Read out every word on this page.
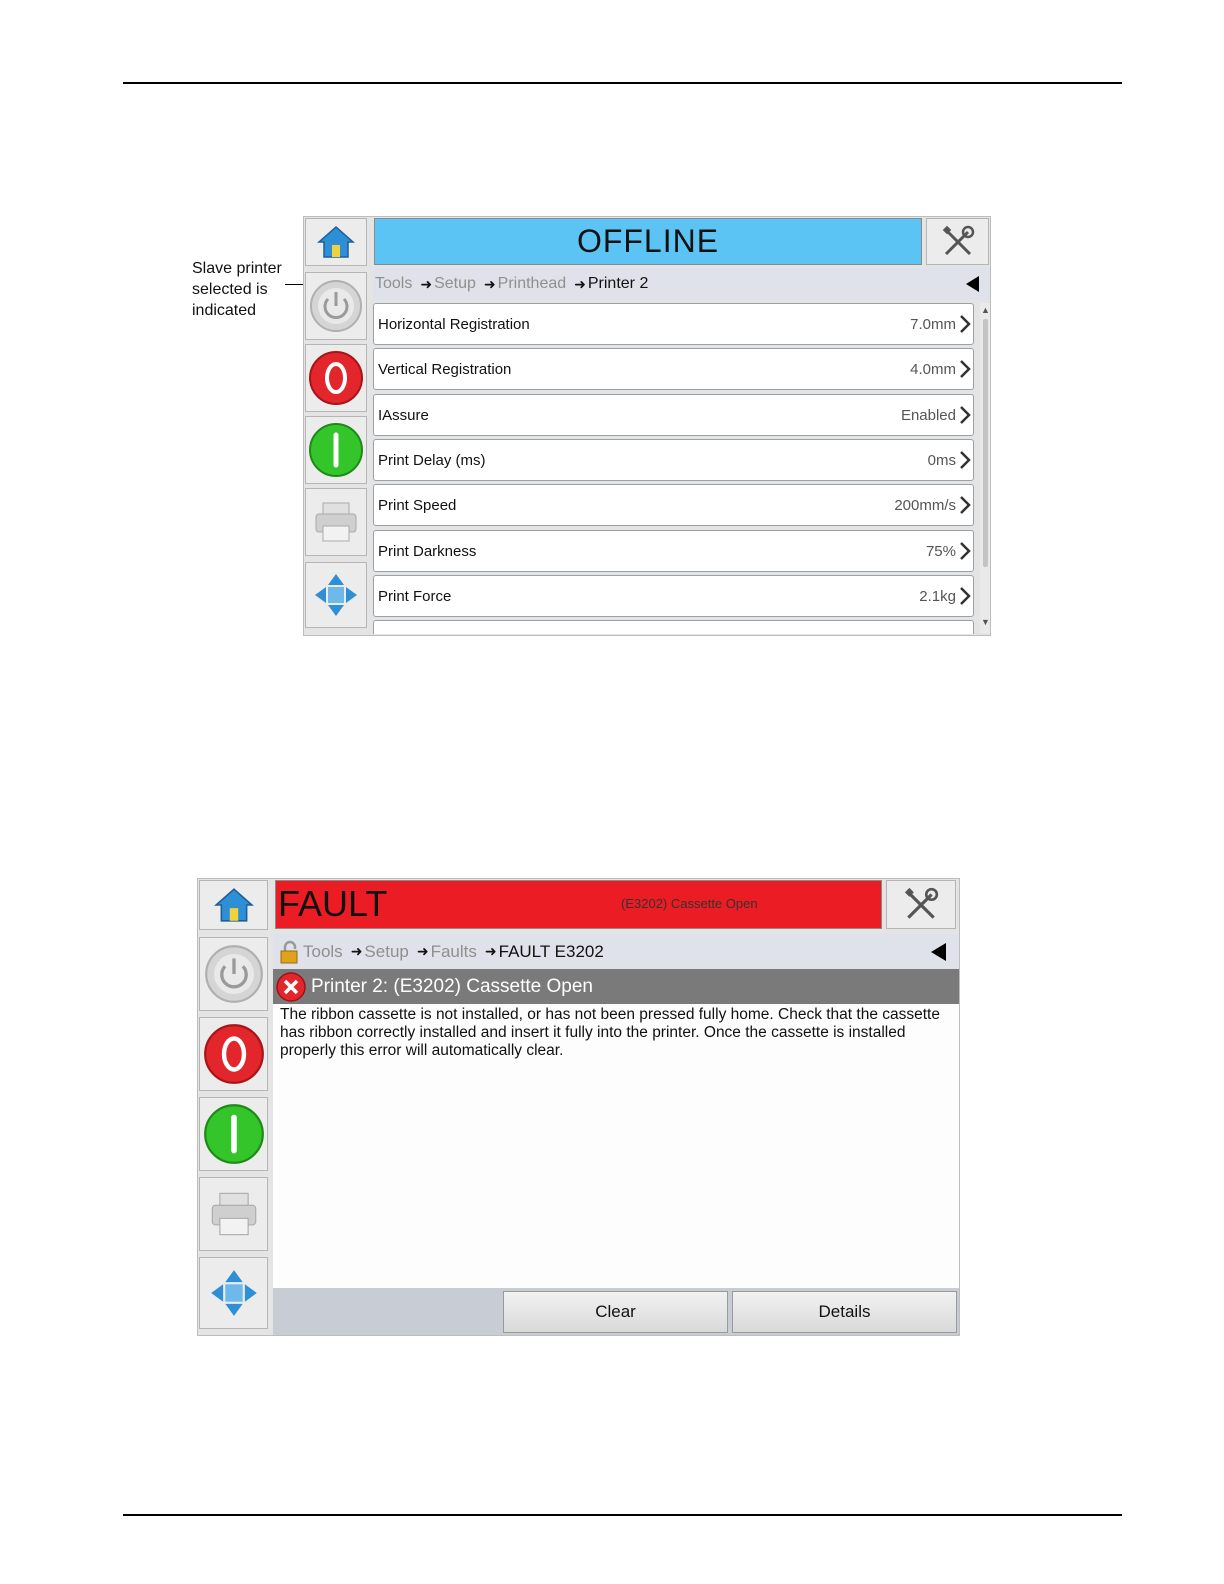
Slave printer
selected is
indicated
OFFLINE
Tools ➜ Setup ➜ Printhead ➜ Printer 2
Horizontal Registration	7.0mm
Vertical Registration	4.0mm
IAssure	Enabled
Print Delay (ms)	0ms
Print Speed	200mm/s
Print Darkness	75%
Print Force	2.1kg
▲
▼
FAULT	(E3202) Cassette Open
Tools ➜ Setup ➜ Faults ➜ FAULT E3202
Printer 2: (E3202) Cassette Open
The ribbon cassette is not installed, or has not been pressed fully home. Check that the cassette has ribbon correctly installed and insert it fully into the printer. Once the cassette is installed properly this error will automatically clear.
Clear	Details
